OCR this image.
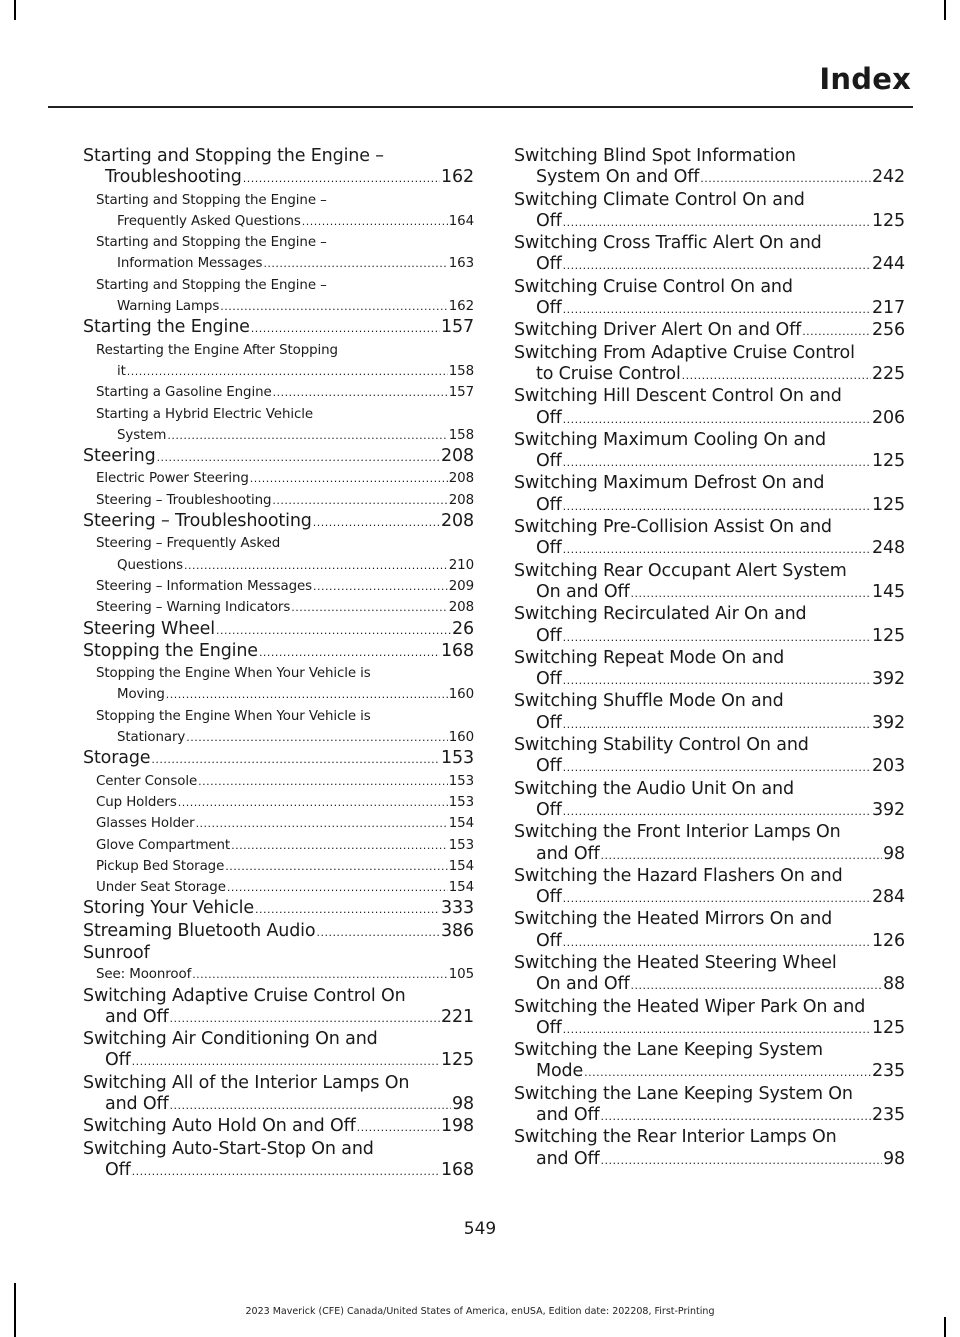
Index
Starting and Stopping the Engine –
Troubleshooting .....	162
Starting and Stopping the Engine –
Frequently Asked Questions .....	164
Starting and Stopping the Engine –
Information Messages .....	163
Starting and Stopping the Engine –
Warning Lamps .....	162
Starting the Engine .....	157
Restarting the Engine After Stopping
it .....	158
Starting a Gasoline Engine .....	157
Starting a Hybrid Electric Vehicle
System .....	158
Steering .....	208
Electric Power Steering .....	208
Steering – Troubleshooting .....	208
Steering – Troubleshooting .....	208
Steering – Frequently Asked
Questions .....	210
Steering – Information Messages .....	209
Steering – Warning Indicators .....	208
Steering Wheel .....	26
Stopping the Engine .....	168
Stopping the Engine When Your Vehicle is
Moving .....	160
Stopping the Engine When Your Vehicle is
Stationary .....	160
Storage .....	153
Center Console .....	153
Cup Holders .....	153
Glasses Holder .....	154
Glove Compartment .....	153
Pickup Bed Storage .....	154
Under Seat Storage .....	154
Storing Your Vehicle .....	333
Streaming Bluetooth Audio .....	386
Sunroof
See: Moonroof .....	105
Switching Adaptive Cruise Control On
and Off .....	221
Switching Air Conditioning On and
Off .....	125
Switching All of the Interior Lamps On
and Off .....	98
Switching Auto Hold On and Off .....	198
Switching Auto-Start-Stop On and
Off .....	168
Switching Blind Spot Information
System On and Off .....	242
Switching Climate Control On and
Off .....	125
Switching Cross Traffic Alert On and
Off .....	244
Switching Cruise Control On and
Off .....	217
Switching Driver Alert On and Off .....	256
Switching From Adaptive Cruise Control
to Cruise Control .....	225
Switching Hill Descent Control On and
Off .....	206
Switching Maximum Cooling On and
Off .....	125
Switching Maximum Defrost On and
Off .....	125
Switching Pre-Collision Assist On and
Off .....	248
Switching Rear Occupant Alert System
On and Off .....	145
Switching Recirculated Air On and
Off .....	125
Switching Repeat Mode On and
Off .....	392
Switching Shuffle Mode On and
Off .....	392
Switching Stability Control On and
Off .....	203
Switching the Audio Unit On and
Off .....	392
Switching the Front Interior Lamps On
and Off .....	98
Switching the Hazard Flashers On and
Off .....	284
Switching the Heated Mirrors On and
Off .....	126
Switching the Heated Steering Wheel
On and Off .....	88
Switching the Heated Wiper Park On and
Off .....	125
Switching the Lane Keeping System
Mode .....	235
Switching the Lane Keeping System On
and Off .....	235
Switching the Rear Interior Lamps On
and Off .....	98
549
2023 Maverick (CFE) Canada/United States of America, enUSA, Edition date: 202208, First-Printing
